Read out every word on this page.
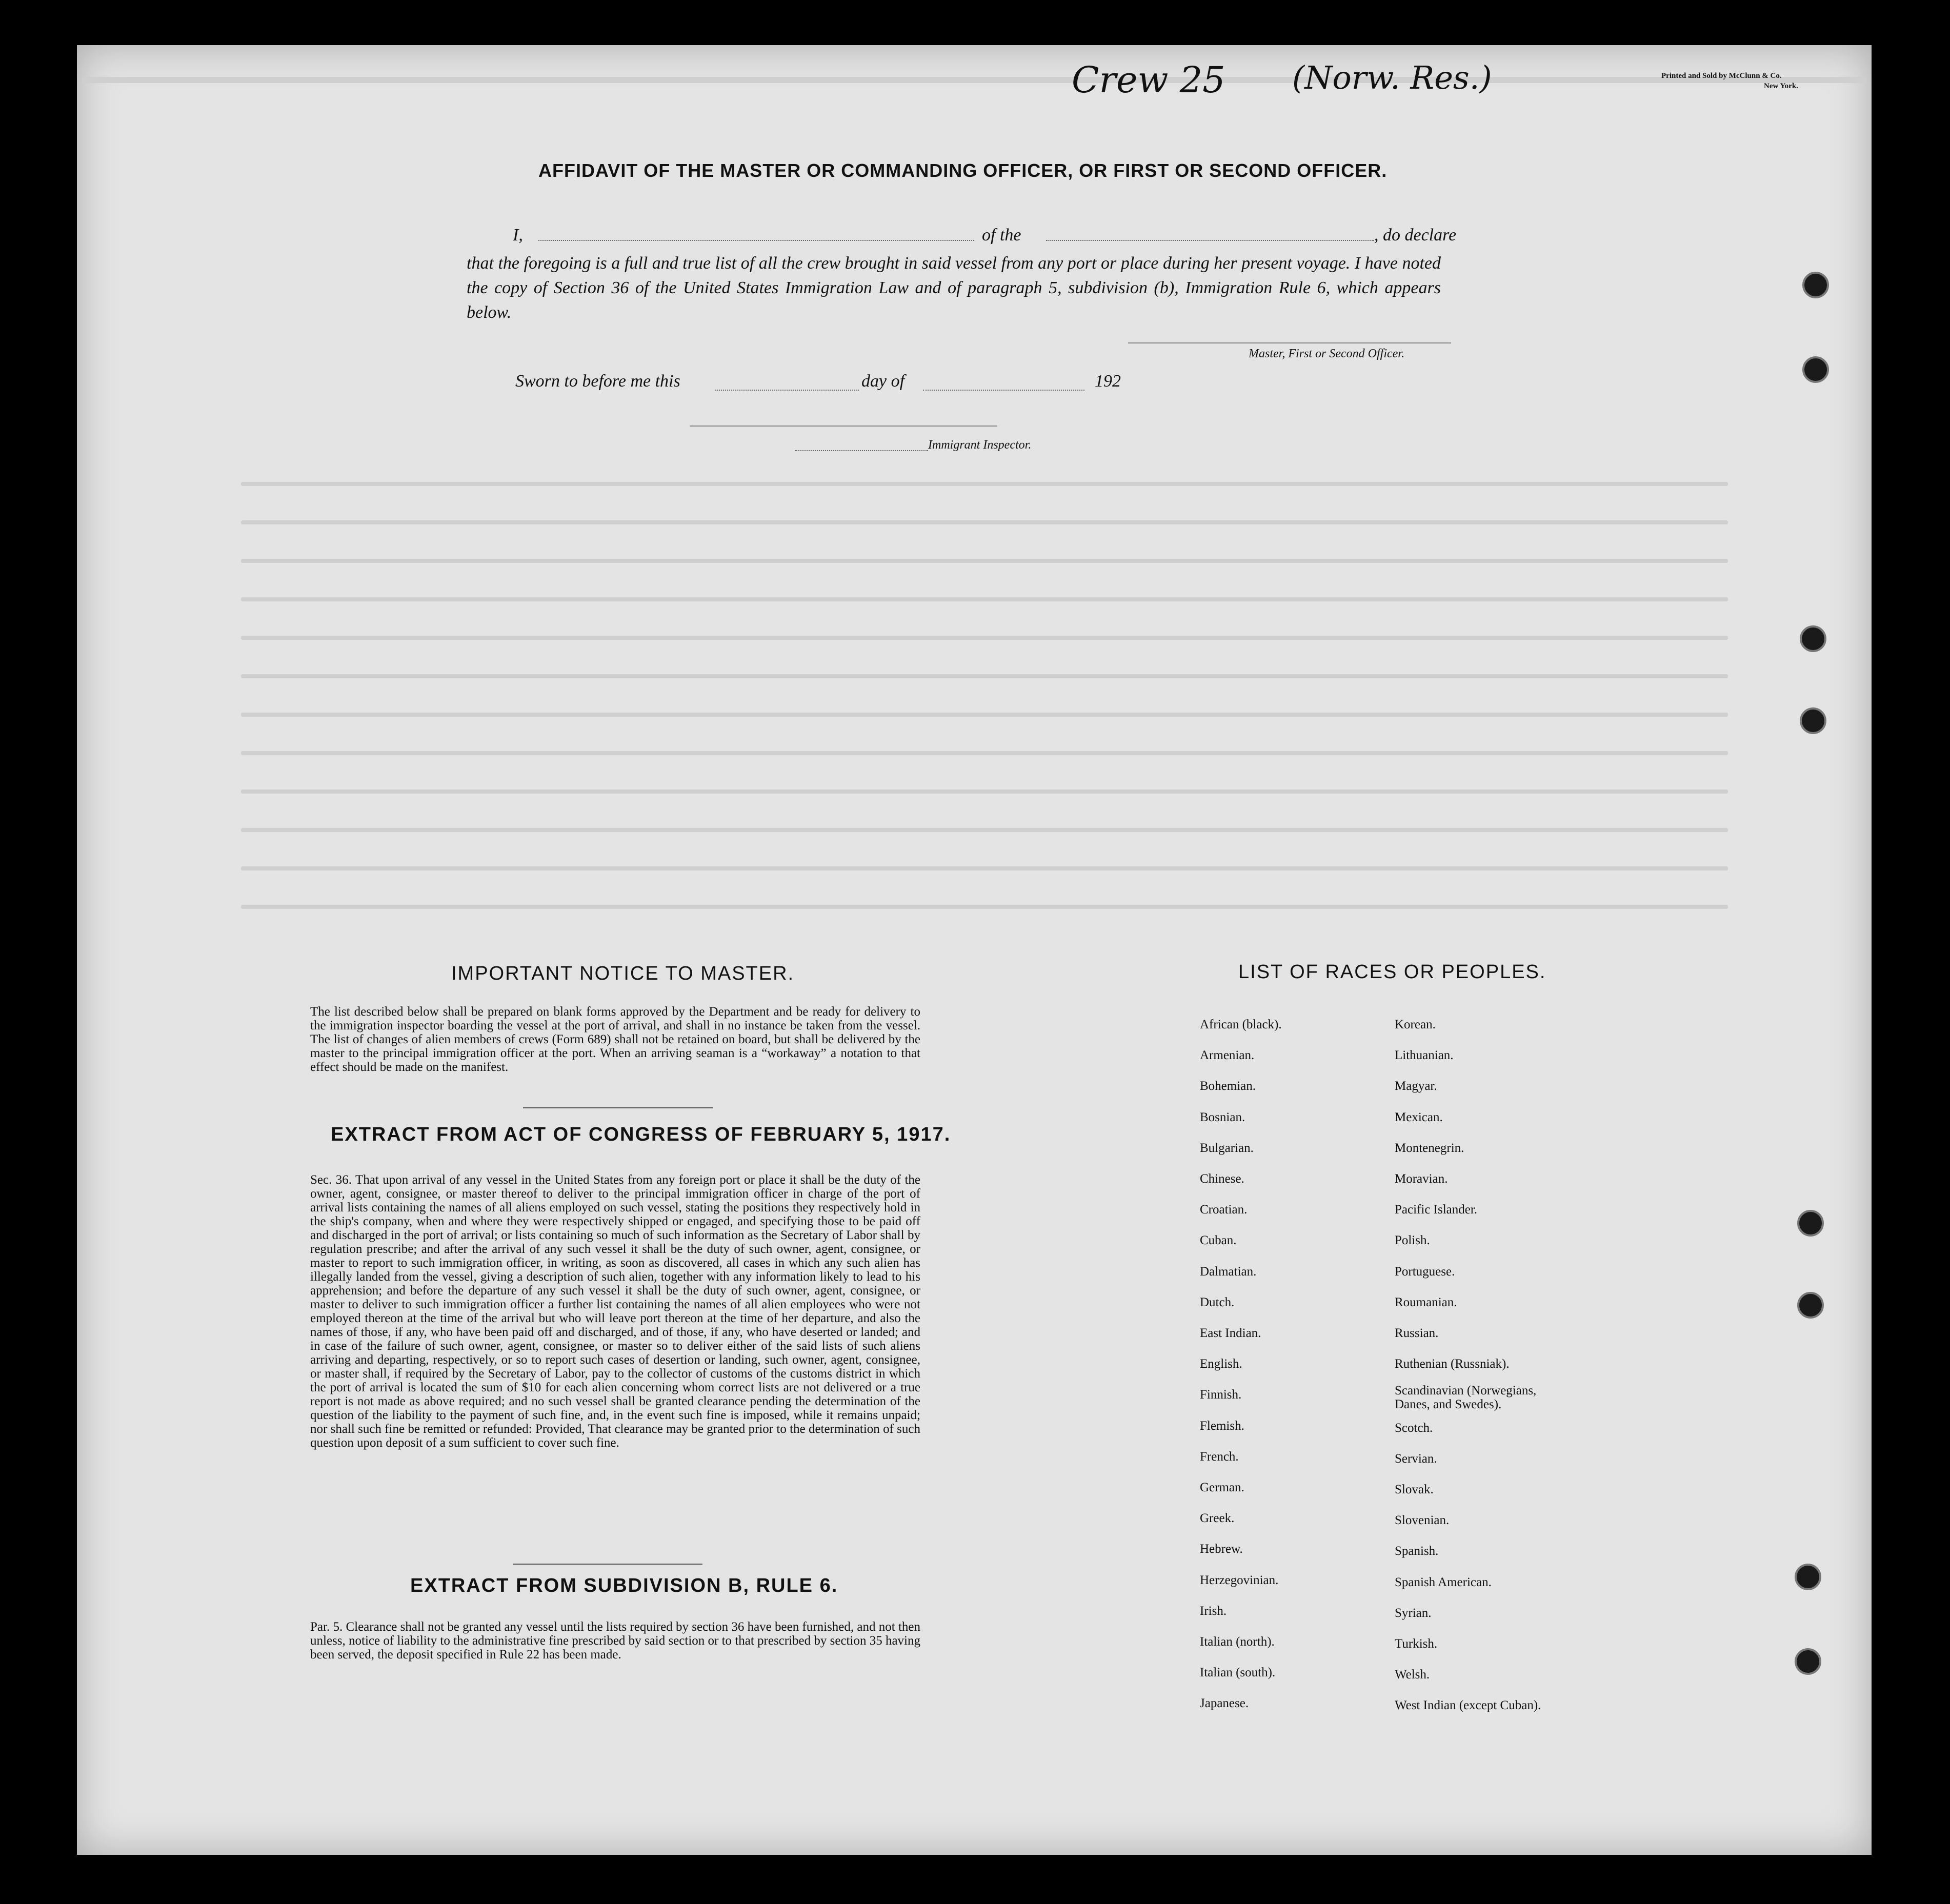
Crew 25 (Norw. Res.)	Printed and Sold by McClunn & Co.
New York.
AFFIDAVIT OF THE MASTER OR COMMANDING OFFICER, OR FIRST OR SECOND OFFICER.
I,	of the	, do declare
that the foregoing is a full and true list of all the crew brought in said vessel from any port or place during her present voyage. I have noted the copy of Section 36 of the United States Immigration Law and of paragraph 5, subdivision (b), Immigration Rule 6, which appears below.
Master, First or Second Officer.
Sworn to before me this	day of	192
Immigrant Inspector.
IMPORTANT NOTICE TO MASTER.
The list described below shall be prepared on blank forms approved by the Department and be ready for delivery to the immigration inspector boarding the vessel at the port of arrival, and shall in no instance be taken from the vessel. The list of changes of alien members of crews (Form 689) shall not be retained on board, but shall be delivered by the master to the principal immigration officer at the port. When an arriving seaman is a “workaway” a notation to that effect should be made on the manifest.
EXTRACT FROM ACT OF CONGRESS OF FEBRUARY 5, 1917.
Sec. 36. That upon arrival of any vessel in the United States from any foreign port or place it shall be the duty of the owner, agent, consignee, or master thereof to deliver to the principal immigration officer in charge of the port of arrival lists containing the names of all aliens employed on such vessel, stating the positions they respectively hold in the ship's company, when and where they were respectively shipped or engaged, and specifying those to be paid off and discharged in the port of arrival; or lists containing so much of such information as the Secretary of Labor shall by regulation prescribe; and after the arrival of any such vessel it shall be the duty of such owner, agent, consignee, or master to report to such immigration officer, in writing, as soon as discovered, all cases in which any such alien has illegally landed from the vessel, giving a description of such alien, together with any information likely to lead to his apprehension; and before the departure of any such vessel it shall be the duty of such owner, agent, consignee, or master to deliver to such immigration officer a further list containing the names of all alien employees who were not employed thereon at the time of the arrival but who will leave port thereon at the time of her departure, and also the names of those, if any, who have been paid off and discharged, and of those, if any, who have deserted or landed; and in case of the failure of such owner, agent, consignee, or master so to deliver either of the said lists of such aliens arriving and departing, respectively, or so to report such cases of desertion or landing, such owner, agent, consignee, or master shall, if required by the Secretary of Labor, pay to the collector of customs of the customs district in which the port of arrival is located the sum of $10 for each alien concerning whom correct lists are not delivered or a true report is not made as above required; and no such vessel shall be granted clearance pending the determination of the question of the liability to the payment of such fine, and, in the event such fine is imposed, while it remains unpaid; nor shall such fine be remitted or refunded: Provided, That clearance may be granted prior to the determination of such question upon deposit of a sum sufficient to cover such fine.
EXTRACT FROM SUBDIVISION B, RULE 6.
Par. 5. Clearance shall not be granted any vessel until the lists required by section 36 have been furnished, and not then unless, notice of liability to the administrative fine prescribed by said section or to that prescribed by section 35 having been served, the deposit specified in Rule 22 has been made.
LIST OF RACES OR PEOPLES.
African (black).
Armenian.
Bohemian.
Bosnian.
Bulgarian.
Chinese.
Croatian.
Cuban.
Dalmatian.
Dutch.
East Indian.
English.
Finnish.
Flemish.
French.
German.
Greek.
Hebrew.
Herzegovinian.
Irish.
Italian (north).
Italian (south).
Japanese.
Korean.
Lithuanian.
Magyar.
Mexican.
Montenegrin.
Moravian.
Pacific Islander.
Polish.
Portuguese.
Roumanian.
Russian.
Ruthenian (Russniak).
Scandinavian (Norwegians, Danes, and Swedes).
Scotch.
Servian.
Slovak.
Slovenian.
Spanish.
Spanish American.
Syrian.
Turkish.
Welsh.
West Indian (except Cuban).
